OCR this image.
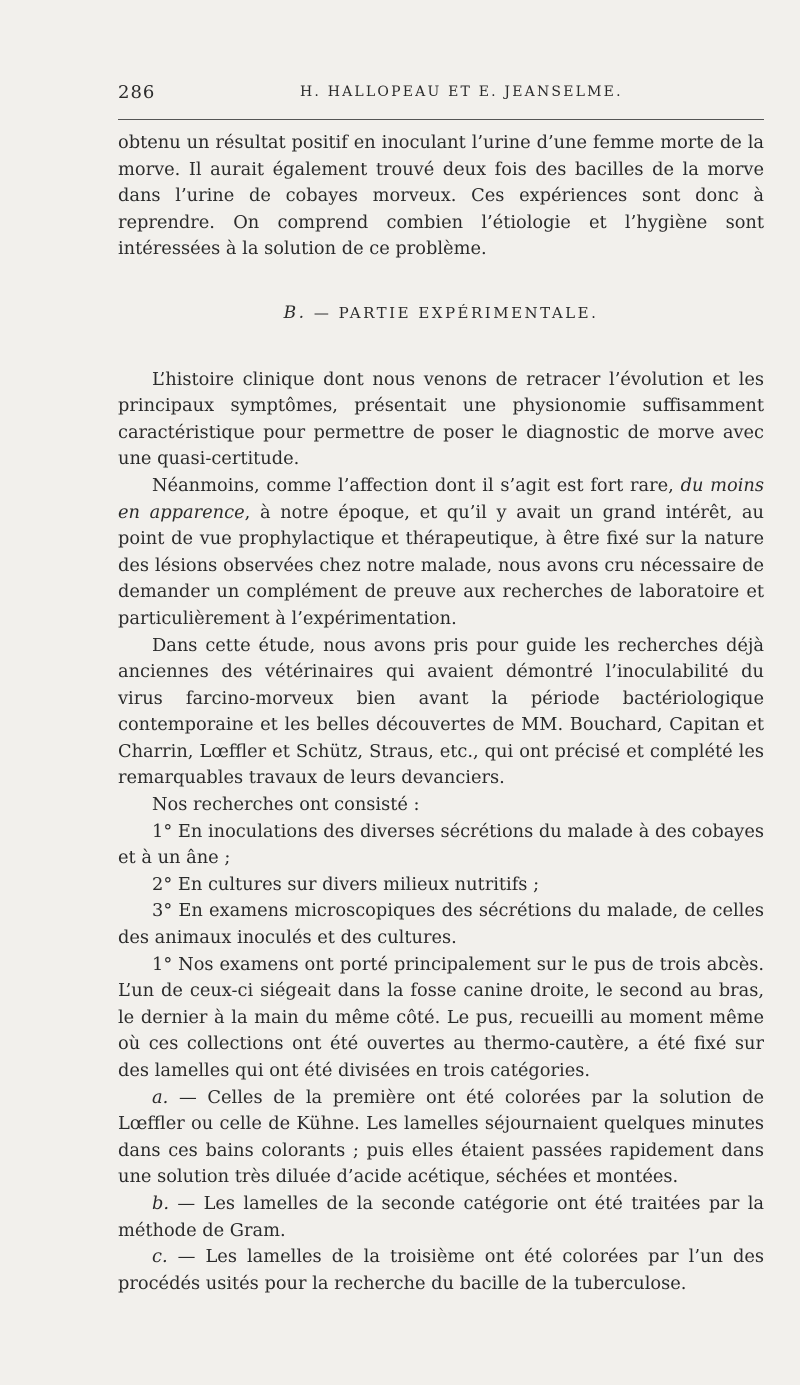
286	H. HALLOPEAU ET E. JEANSELME.

obtenu un résultat positif en inoculant l’urine d’une femme morte de la morve. Il aurait également trouvé deux fois des bacilles de la morve dans l’urine de cobayes morveux. Ces expériences sont donc à reprendre. On comprend combien l’étiologie et l’hygiène sont intéressées à la solution de ce problème.

B. — PARTIE EXPÉRIMENTALE.

L’histoire clinique dont nous venons de retracer l’évolution et les principaux symptômes, présentait une physionomie suffisamment caractéristique pour permettre de poser le diagnostic de morve avec une quasi-certitude.

Néanmoins, comme l’affection dont il s’agit est fort rare, du moins en apparence, à notre époque, et qu’il y avait un grand intérêt, au point de vue prophylactique et thérapeutique, à être fixé sur la nature des lésions observées chez notre malade, nous avons cru nécessaire de demander un complément de preuve aux recherches de laboratoire et particulièrement à l’expérimentation.

Dans cette étude, nous avons pris pour guide les recherches déjà anciennes des vétérinaires qui avaient démontré l’inoculabilité du virus farcino-morveux bien avant la période bactériologique contemporaine et les belles découvertes de MM. Bouchard, Capitan et Charrin, Lœffler et Schütz, Straus, etc., qui ont précisé et complété les remarquables travaux de leurs devanciers.

Nos recherches ont consisté :

1° En inoculations des diverses sécrétions du malade à des cobayes et à un âne ;

2° En cultures sur divers milieux nutritifs ;

3° En examens microscopiques des sécrétions du malade, de celles des animaux inoculés et des cultures.

1° Nos examens ont porté principalement sur le pus de trois abcès. L’un de ceux-ci siégeait dans la fosse canine droite, le second au bras, le dernier à la main du même côté. Le pus, recueilli au moment même où ces collections ont été ouvertes au thermo-cautère, a été fixé sur des lamelles qui ont été divisées en trois catégories.

a. — Celles de la première ont été colorées par la solution de Lœffler ou celle de Kühne. Les lamelles séjournaient quelques minutes dans ces bains colorants ; puis elles étaient passées rapidement dans une solution très diluée d’acide acétique, séchées et montées.

b. — Les lamelles de la seconde catégorie ont été traitées par la méthode de Gram.

c. — Les lamelles de la troisième ont été colorées par l’un des procédés usités pour la recherche du bacille de la tuberculose.
